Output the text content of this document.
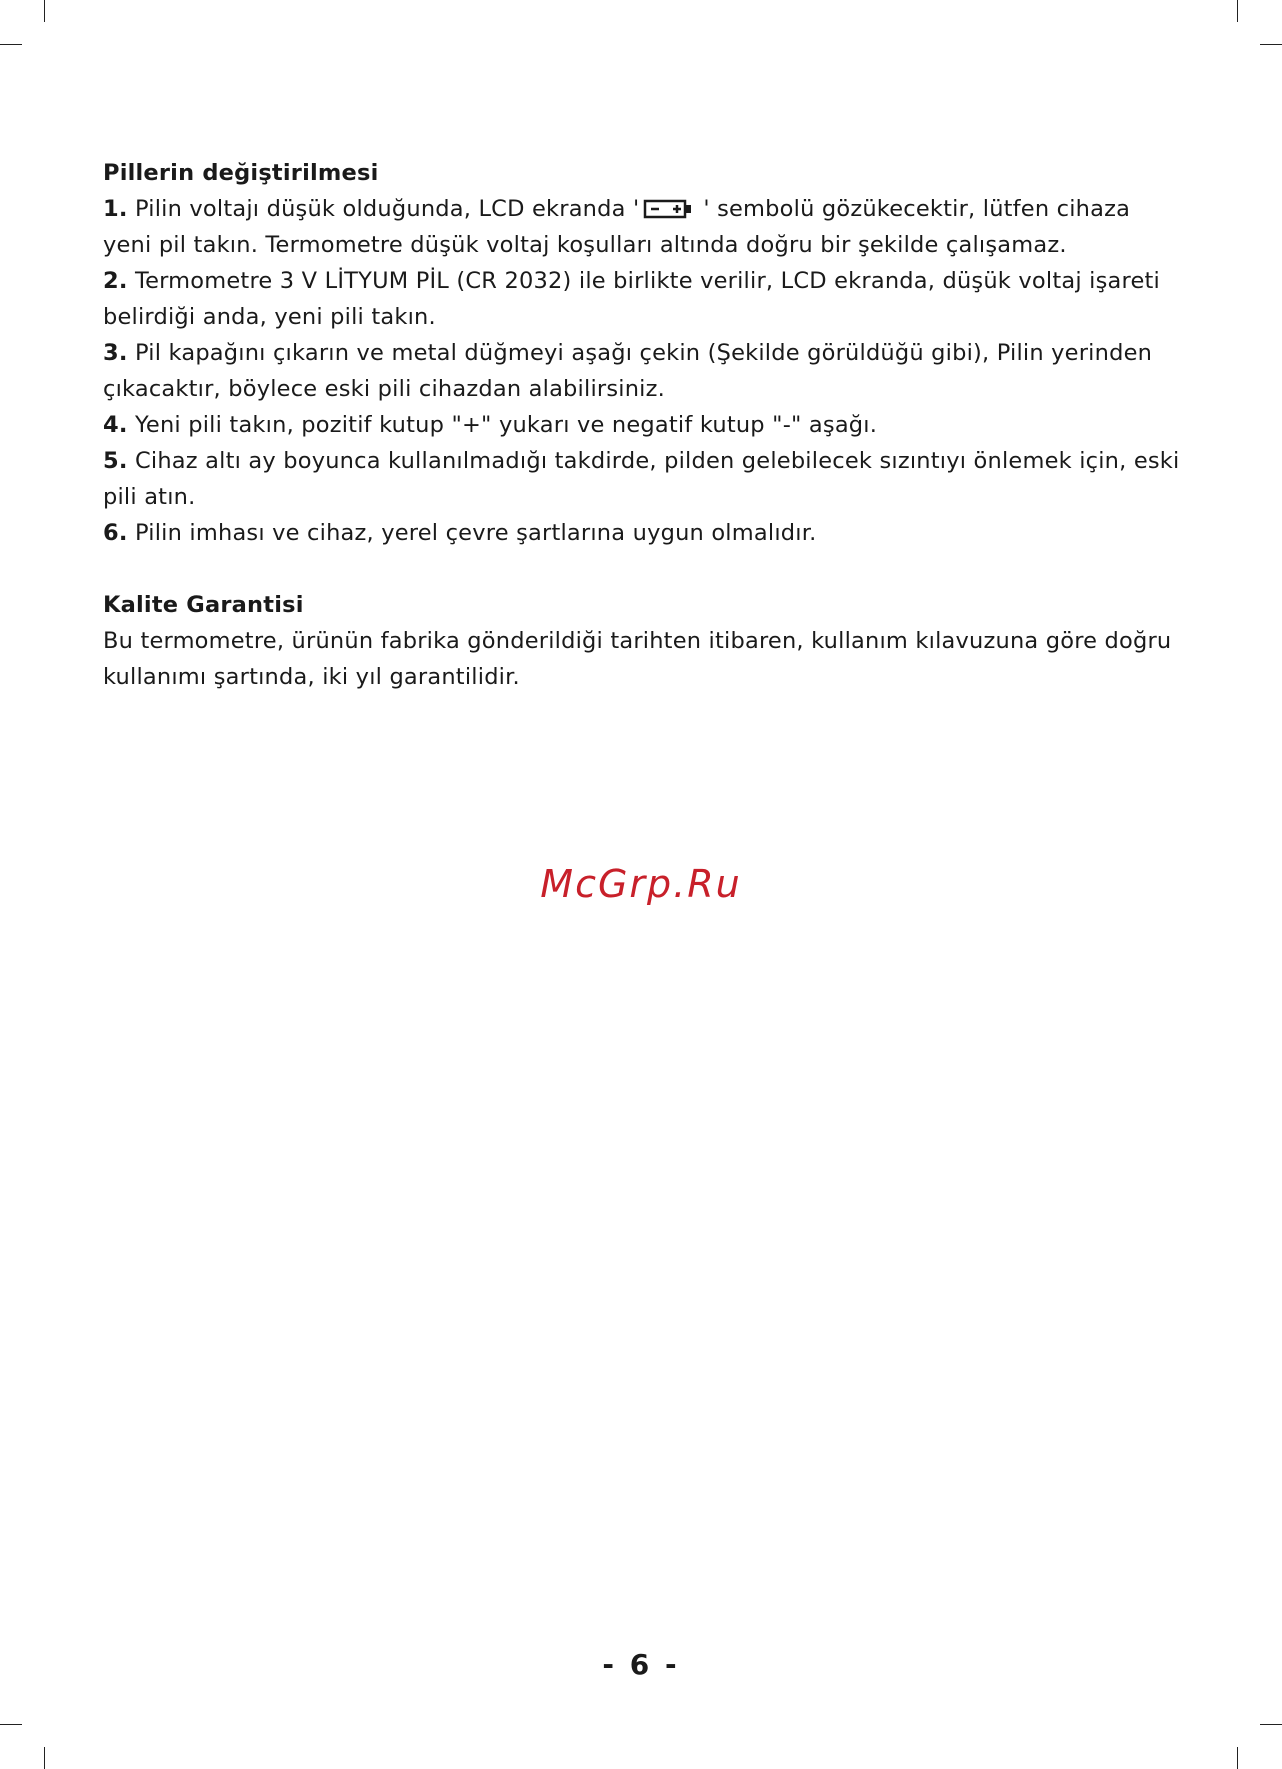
Pillerin değiştirilmesi

1. Pilin voltajı düşük olduğunda, LCD ekranda '	' sembolü gözükecektir, lütfen cihaza yeni pil takın. Termometre düşük voltaj koşulları altında doğru bir şekilde çalışamaz.

2. Termometre 3 V LİTYUM PİL (CR 2032) ile birlikte verilir, LCD ekranda, düşük voltaj işareti belirdiği anda, yeni pili takın.

3. Pil kapağını çıkarın ve metal düğmeyi aşağı çekin (Şekilde görüldüğü gibi), Pilin yerinden çıkacaktır, böylece eski pili cihazdan alabilirsiniz.

4. Yeni pili takın, pozitif kutup "+" yukarı ve negatif kutup "-" aşağı.

5. Cihaz altı ay boyunca kullanılmadığı takdirde, pilden gelebilecek sızıntıyı önlemek için, eski pili atın.

6. Pilin imhası ve cihaz, yerel çevre şartlarına uygun olmalıdır.

Kalite Garantisi

Bu termometre, ürünün fabrika gönderildiği tarihten itibaren, kullanım kılavuzuna göre doğru kullanımı şartında, iki yıl garantilidir.

McGrp.Ru
- 6 -
